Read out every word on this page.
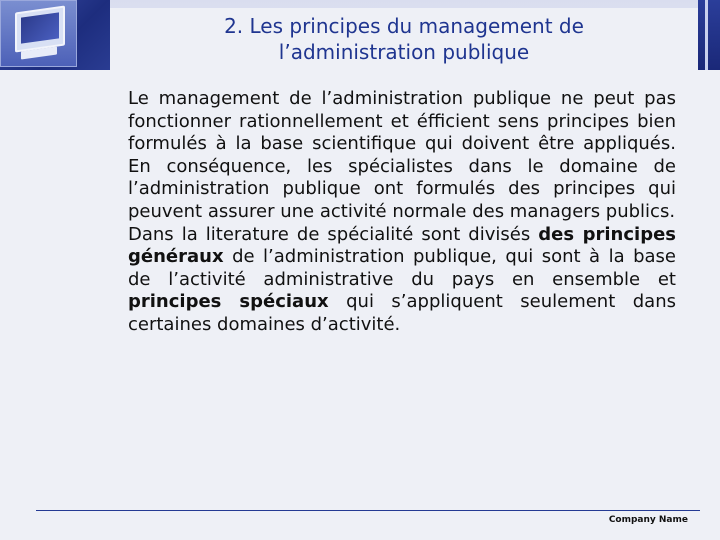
2. Les principes du management de
l’administration publique

Le management de l’administration publique ne peut pas fonctionner rationnellement et éfficient sens principes bien formulés à la base scientifique qui doivent être appliqués. En conséquence, les spécialistes dans le domaine de l’administration publique ont formulés des principes qui peuvent assurer une activité normale des managers publics.

Dans la literature de spécialité sont divisés des principes généraux de l’administration publique, qui sont à la base de l’activité administrative du pays en ensemble et principes spéciaux qui s’appliquent seulement dans certaines domaines d’activité.

Company Name
